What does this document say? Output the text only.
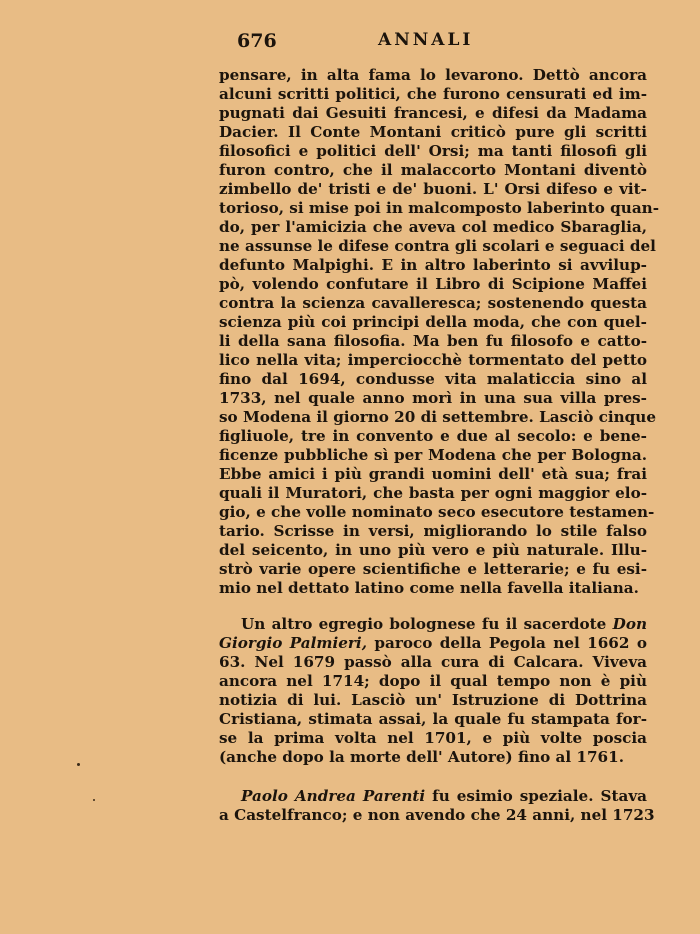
676	ANNALI
pensare, in alta fama lo levarono. Dettò ancora
alcuni scritti politici, che furono censurati ed im-
pugnati dai Gesuiti francesi, e difesi da Madama
Dacier. Il Conte Montani criticò pure gli scritti
filosofici e politici dell' Orsi; ma tanti filosofi gli
furon contro, che il malaccorto Montani diventò
zimbello de' tristi e de' buoni. L' Orsi difeso e vit-
torioso, si mise poi in malcomposto laberinto quan-
do, per l'amicizia che aveva col medico Sbaraglia,
ne assunse le difese contra gli scolari e seguaci del
defunto Malpighi. E in altro laberinto si avvilup-
pò, volendo confutare il Libro di Scipione Maffei
contra la scienza cavalleresca; sostenendo questa
scienza più coi principi della moda, che con quel-
li della sana filosofia. Ma ben fu filosofo e catto-
lico nella vita; imperciocchè tormentato del petto
fino dal 1694, condusse vita malaticcia sino al
1733, nel quale anno morì in una sua villa pres-
so Modena il giorno 20 di settembre. Lasciò cinque
figliuole, tre in convento e due al secolo: e bene-
ficenze pubbliche sì per Modena che per Bologna.
Ebbe amici i più grandi uomini dell' età sua; frai
quali il Muratori, che basta per ogni maggior elo-
gio, e che volle nominato seco esecutore testamen-
tario. Scrisse in versi, migliorando lo stile falso
del seicento, in uno più vero e più naturale. Illu-
strò varie opere scientifiche e letterarie; e fu esi-
mio nel dettato latino come nella favella italiana.
Un altro egregio bolognese fu il sacerdote Don
Giorgio Palmieri, paroco della Pegola nel 1662 o
63. Nel 1679 passò alla cura di Calcara. Viveva
ancora nel 1714; dopo il qual tempo non è più
notizia di lui. Lasciò un' Istruzione di Dottrina
Cristiana, stimata assai, la quale fu stampata for-
se la prima volta nel 1701, e più volte poscia
(anche dopo la morte dell' Autore) fino al 1761.
Paolo Andrea Parenti fu esimio speziale. Stava
a Castelfranco; e non avendo che 24 anni, nel 1723
